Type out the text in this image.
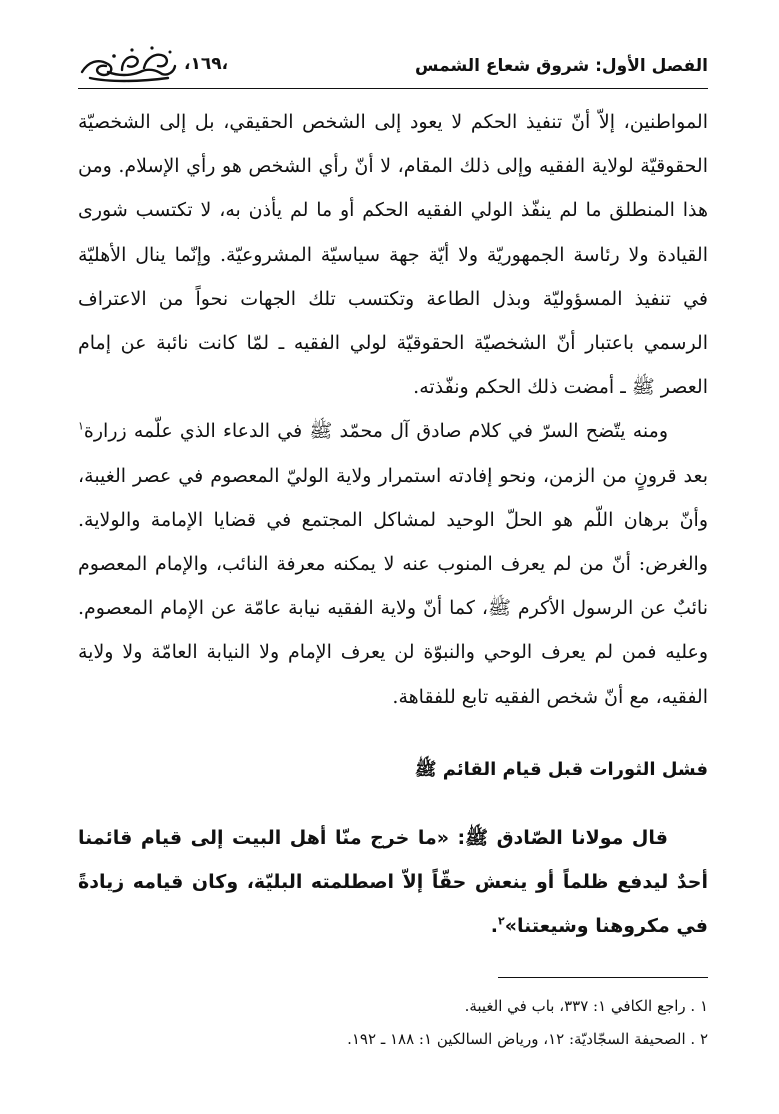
،١٦٩،	الفصل الأول: شروق شعاع الشمس

المواطنين، إلاّ أنّ تنفيذ الحكم لا يعود إلى الشخص الحقيقي، بل إلى الشخصيّة الحقوقيّة لولاية الفقيه وإلى ذلك المقام، لا أنّ رأي الشخص هو رأي الإسلام. ومن هذا المنطلق ما لم ينفّذ الولي الفقيه الحكم أو ما لم يأذن به، لا تكتسب شورى القيادة ولا رئاسة الجمهوريّة ولا أيّة جهة سياسيّة المشروعيّة. وإنّما ينال الأهليّة في تنفيذ المسؤوليّة وبذل الطاعة وتكتسب تلك الجهات نحواً من الاعتراف الرسمي باعتبار أنّ الشخصيّة الحقوقيّة لولي الفقيه ـ لمّا كانت نائبة عن إمام العصر ﷺ ـ أمضت ذلك الحكم ونفّذته.

ومنه يتّضح السرّ في كلام صادق آل محمّد ﷺ في الدعاء الذي علّمه زرارة$^١$ بعد قرونٍ من الزمن، ونحو إفادته استمرار ولاية الوليّ المعصوم في عصر الغيبة، وأنّ برهان اللّم هو الحلّ الوحيد لمشاكل المجتمع في قضايا الإمامة والولاية. والغرض: أنّ من لم يعرف المنوب عنه لا يمكنه معرفة النائب، والإمام المعصوم نائبٌ عن الرسول الأكرم ﷺ، كما أنّ ولاية الفقيه نيابة عامّة عن الإمام المعصوم. وعليه فمن لم يعرف الوحي والنبوّة لن يعرف الإمام ولا النيابة العامّة ولا ولاية الفقيه، مع أنّ شخص الفقيه تابع للفقاهة.

فشل الثورات قبل قيام القائم ﷺ

قال مولانا الصّادق ﷺ: «ما خرج منّا أهل البيت إلى قيام قائمنا أحدٌ ليدفع ظلماً أو ينعش حقّاً إلاّ اصطلمته البليّة، وكان قيامه زيادةً في مكروهنا وشيعتنا»$^٢$.

١ . راجع الكافي ١: ٣٣٧، باب في الغيبة.
٢ . الصحيفة السجّاديّة: ١٢، ورياض السالكين ١: ١٨٨ ـ ١٩٢.
